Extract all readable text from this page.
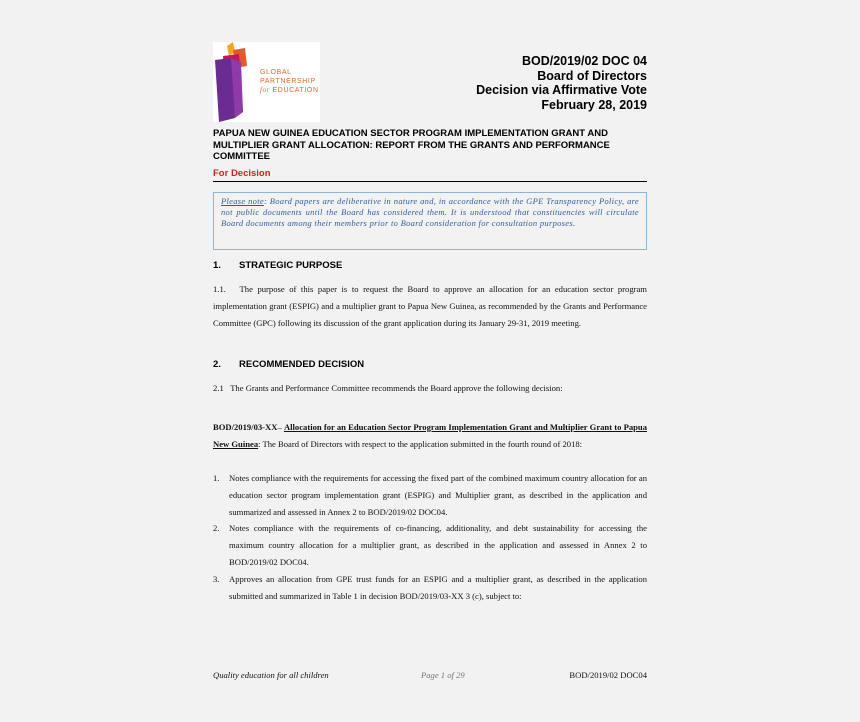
GLOBAL
PARTNERSHIP
for EDUCATION
BOD/2019/02 DOC 04
Board of Directors
Decision via Affirmative Vote
February 28, 2019
PAPUA NEW GUINEA EDUCATION SECTOR PROGRAM IMPLEMENTATION GRANT AND MULTIPLIER GRANT ALLOCATION: REPORT FROM THE GRANTS AND PERFORMANCE COMMITTEE
For Decision
Please note: Board papers are deliberative in nature and, in accordance with the GPE Transparency Policy, are not public documents until the Board has considered them. It is understood that constituencies will circulate Board documents among their members prior to Board consideration for consultation purposes.
1. STRATEGIC PURPOSE
1.1.   The purpose of this paper is to request the Board to approve an allocation for an education sector program implementation grant (ESPIG) and a multiplier grant to Papua New Guinea, as recommended by the Grants and Performance Committee (GPC) following its discussion of the grant application during its January 29-31, 2019 meeting.
2. RECOMMENDED DECISION
2.1   The Grants and Performance Committee recommends the Board approve the following decision:
BOD/2019/03-XX– Allocation for an Education Sector Program Implementation Grant and Multiplier Grant to Papua New Guinea: The Board of Directors with respect to the application submitted in the fourth round of 2018:
1. Notes compliance with the requirements for accessing the fixed part of the combined maximum country allocation for an education sector program implementation grant (ESPIG) and Multiplier grant, as described in the application and summarized and assessed in Annex 2 to BOD/2019/02 DOC04.
2. Notes compliance with the requirements of co-financing, additionality, and debt sustainability for accessing the maximum country allocation for a multiplier grant, as described in the application and assessed in Annex 2 to BOD/2019/02 DOC04.
3. Approves an allocation from GPE trust funds for an ESPIG and a multiplier grant, as described in the application submitted and summarized in Table 1 in decision BOD/2019/03-XX 3 (c), subject to:
Quality education for all children	Page 1 of 29	BOD/2019/02 DOC04
